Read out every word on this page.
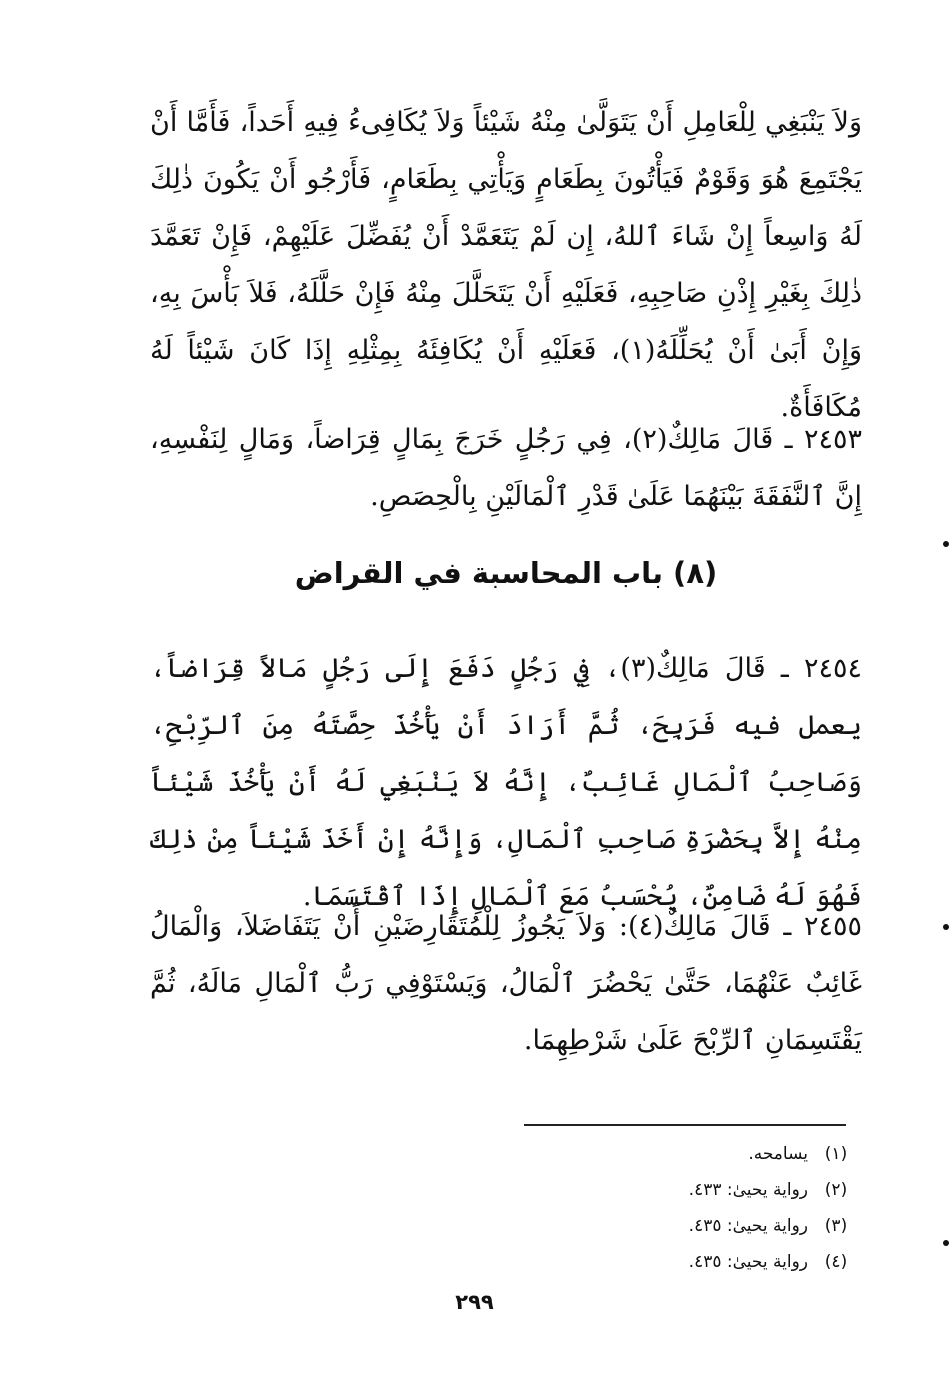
وَلاَ يَنْبَغِي لِلْعَامِلِ أَنْ يَتَوَلَّىٰ مِنْهُ شَيْئاً وَلاَ يُكَافِىءُ فِيهِ أَحَداً، فَأَمَّا أَنْ يَجْتَمِعَ هُوَ وَقَوْمٌ فَيَأْتُونَ بِطَعَامٍ وَيَأْتِي بِطَعَامٍ، فَأَرْجُو أَنْ يَكُونَ ذٰلِكَ لَهُ وَاسِعاً إِنْ شَاءَ ٱللهُ، إِن لَمْ يَتَعَمَّدْ أَنْ يُفَضِّلَ عَلَيْهِمْ، فَإِنْ تَعَمَّدَ ذٰلِكَ بِغَيْرِ إِذْنِ صَاحِبِهِ، فَعَلَيْهِ أَنْ يَتَحَلَّلَ مِنْهُ فَإِنْ حَلَّلَهُ، فَلاَ بَأْسَ بِهِ، وَإِنْ أَبَىٰ أَنْ يُحَلِّلَهُ(١)، فَعَلَيْهِ أَنْ يُكَافِئَهُ بِمِثْلِهِ إِذَا كَانَ شَيْئاً لَهُ مُكَافَأَةٌ.

٢٤٥٣ ـ قَالَ مَالِكٌ(٢)، فِي رَجُلٍ خَرَجَ بِمَالٍ قِرَاضاً، وَمَالٍ لِنَفْسِهِ، إِنَّ ٱلنَّفَقَةَ بَيْنَهُمَا عَلَىٰ قَدْرِ ٱلْمَالَيْنِ بِالْحِصَصِ.

(٨) باب المحاسبة في القراض

٢٤٥٤ ـ قَالَ مَالِكٌ(٣)، فِي رَجُلٍ دَفَعَ إِلَى رَجُلٍ مَالاً قِرَاضاً، يعمل فيه فَرَبِحَ، ثُمَّ أَرَادَ أَنْ يَأْخُذَ حِصَّتَهُ مِنَ ٱلرِّبْحِ، وَصَاحِبُ ٱلْمَالِ غَائِبٌ، إِنَّهُ لاَ يَنْبَغِي لَهُ أَنْ يَأْخُذَ شَيْئاً مِنْهُ إِلاَّ بِحَضْرَةِ صَاحِبِ ٱلْمَالِ، وَإِنَّهُ إِنْ أَخَذَ شَيْئاً مِنْ ذٰلِكَ فَهُوَ لَهُ ضَامِنٌ، يُحْسَبُ مَعَ ٱلْمَالِ إِذَا ٱقْتَسَمَا.

٢٤٥٥ ـ قَالَ مَالِكٌ(٤): وَلاَ يَجُوزُ لِلْمُتَقَارِضَيْنِ أَنْ يَتَفَاضَلاَ، وَالْمَالُ غَائِبٌ عَنْهُمَا، حَتَّىٰ يَحْضُرَ ٱلْمَالُ، وَيَسْتَوْفِي رَبُّ ٱلْمَالِ مَالَهُ، ثُمَّ يَقْتَسِمَانِ ٱلرِّبْحَ عَلَىٰ شَرْطِهِمَا.

(١)
يسامحه.
(٢)
رواية يحيىٰ: ٤٣٣.
(٣)
رواية يحيىٰ: ٤٣٥.
(٤)
رواية يحيىٰ: ٤٣٥.
٢٩٩
